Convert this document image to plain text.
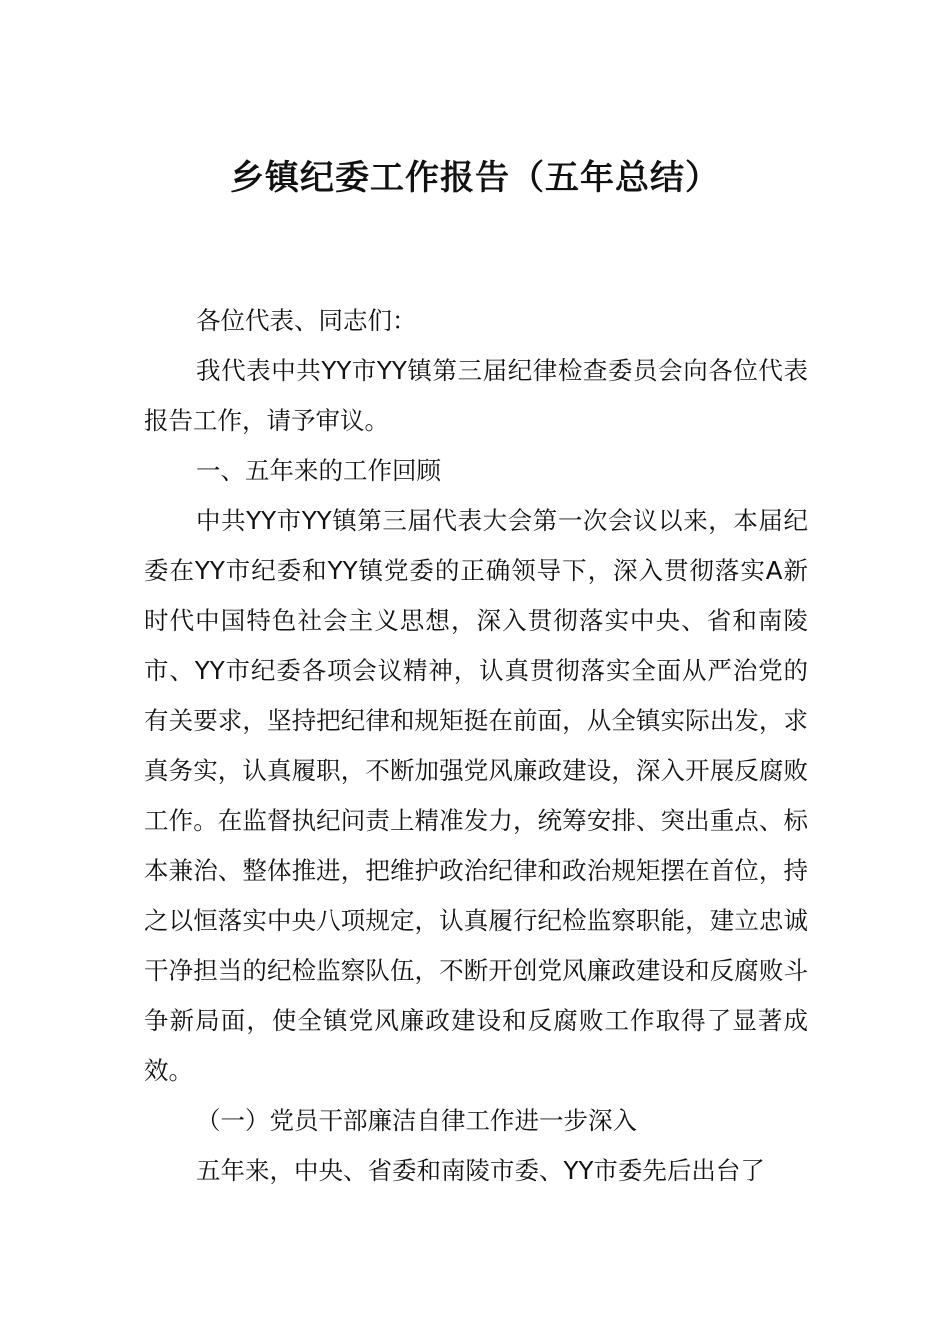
乡镇纪委工作报告（五年总结）

各位代表、同志们：

我代表中共YY市YY镇第三届纪律检查委员会向各位代表报告工作，请予审议。

一、五年来的工作回顾

中共YY市YY镇第三届代表大会第一次会议以来，本届纪委在YY市纪委和YY镇党委的正确领导下，深入贯彻落实A新时代中国特色社会主义思想，深入贯彻落实中央、省和南陵市、YY市纪委各项会议精神，认真贯彻落实全面从严治党的有关要求，坚持把纪律和规矩挺在前面，从全镇实际出发，求真务实，认真履职，不断加强党风廉政建设，深入开展反腐败工作。在监督执纪问责上精准发力，统筹安排、突出重点、标本兼治、整体推进，把维护政治纪律和政治规矩摆在首位，持之以恒落实中央八项规定，认真履行纪检监察职能，建立忠诚干净担当的纪检监察队伍，不断开创党风廉政建设和反腐败斗争新局面，使全镇党风廉政建设和反腐败工作取得了显著成效。

（一）党员干部廉洁自律工作进一步深入

五年来，中央、省委和南陵市委、YY市委先后出台了
